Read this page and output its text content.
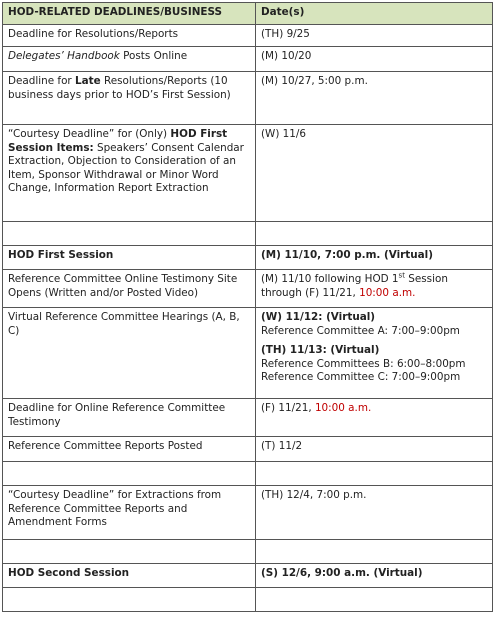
HOD-RELATED DEADLINES/BUSINESS	Date(s)
Deadline for Resolutions/Reports	(TH) 9/25
Delegates’ Handbook Posts Online	(M) 10/20
Deadline for Late Resolutions/Reports (10 business days prior to HOD’s First Session)	(M) 10/27, 5:00 p.m.
“Courtesy Deadline” for (Only) HOD First Session Items: Speakers’ Consent Calendar Extraction, Objection to Consideration of an Item, Sponsor Withdrawal or Minor Word Change, Information Report Extraction	(W) 11/6

HOD First Session	(M) 11/10, 7:00 p.m. (Virtual)
Reference Committee Online Testimony Site Opens (Written and/or Posted Video)	(M) 11/10 following HOD 1st Session through (F) 11/21, 10:00 a.m.
Virtual Reference Committee Hearings (A, B, C)	(W) 11/12: (Virtual)
Reference Committee A: 7:00–9:00pm
(TH) 11/13: (Virtual)
Reference Committees B: 6:00–8:00pm
Reference Committee C: 7:00–9:00pm

Deadline for Online Reference Committee Testimony	(F) 11/21, 10:00 a.m.
Reference Committee Reports Posted	(T) 11/2

“Courtesy Deadline” for Extractions from Reference Committee Reports and Amendment Forms	(TH) 12/4, 7:00 p.m.

HOD Second Session	(S) 12/6, 9:00 a.m. (Virtual)
